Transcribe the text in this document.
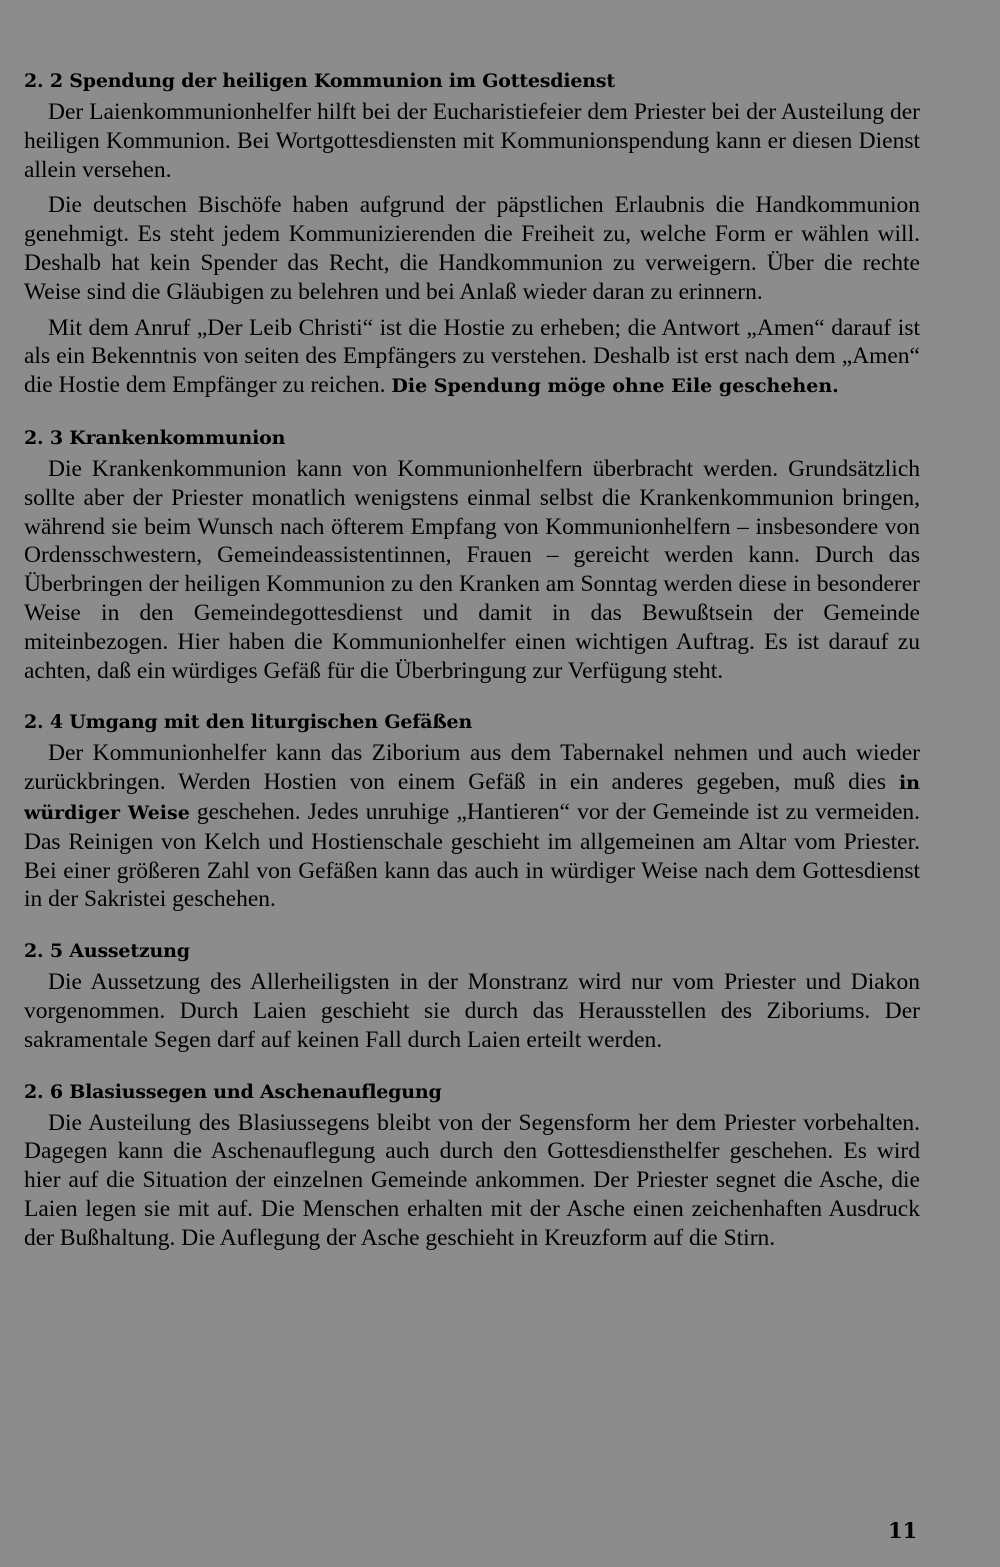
2. 2 Spendung der heiligen Kommunion im Gottesdienst

Der Laienkommunionhelfer hilft bei der Eucharistiefeier dem Priester bei der Austeilung der heiligen Kommunion. Bei Wortgottesdiensten mit Kommunionspendung kann er diesen Dienst allein versehen.

Die deutschen Bischöfe haben aufgrund der päpstlichen Erlaubnis die Handkommunion genehmigt. Es steht jedem Kommunizierenden die Freiheit zu, welche Form er wählen will. Deshalb hat kein Spender das Recht, die Handkommunion zu verweigern. Über die rechte Weise sind die Gläubigen zu belehren und bei Anlaß wieder daran zu erinnern.

Mit dem Anruf „Der Leib Christi“ ist die Hostie zu erheben; die Antwort „Amen“ darauf ist als ein Bekenntnis von seiten des Empfängers zu verstehen. Deshalb ist erst nach dem „Amen“ die Hostie dem Empfänger zu reichen. Die Spendung möge ohne Eile geschehen.

2. 3 Krankenkommunion

Die Krankenkommunion kann von Kommunionhelfern überbracht werden. Grundsätzlich sollte aber der Priester monatlich wenigstens einmal selbst die Krankenkommunion bringen, während sie beim Wunsch nach öfterem Empfang von Kommunionhelfern – insbesondere von Ordensschwestern, Gemeindeassistentinnen, Frauen – gereicht werden kann. Durch das Überbringen der heiligen Kommunion zu den Kranken am Sonntag werden diese in besonderer Weise in den Gemeindegottesdienst und damit in das Bewußtsein der Gemeinde miteinbezogen. Hier haben die Kommunionhelfer einen wichtigen Auftrag. Es ist darauf zu achten, daß ein würdiges Gefäß für die Überbringung zur Verfügung steht.

2. 4 Umgang mit den liturgischen Gefäßen

Der Kommunionhelfer kann das Ziborium aus dem Tabernakel nehmen und auch wieder zurückbringen. Werden Hostien von einem Gefäß in ein anderes gegeben, muß dies in würdiger Weise geschehen. Jedes unruhige „Hantieren“ vor der Gemeinde ist zu vermeiden. Das Reinigen von Kelch und Hostienschale geschieht im allgemeinen am Altar vom Priester. Bei einer größeren Zahl von Gefäßen kann das auch in würdiger Weise nach dem Gottesdienst in der Sakristei geschehen.

2. 5 Aussetzung

Die Aussetzung des Allerheiligsten in der Monstranz wird nur vom Priester und Diakon vorgenommen. Durch Laien geschieht sie durch das Herausstellen des Ziboriums. Der sakramentale Segen darf auf keinen Fall durch Laien erteilt werden.

2. 6 Blasiussegen und Aschenauflegung

Die Austeilung des Blasiussegens bleibt von der Segensform her dem Priester vorbehalten. Dagegen kann die Aschenauflegung auch durch den Gottesdiensthelfer geschehen. Es wird hier auf die Situation der einzelnen Gemeinde ankommen. Der Priester segnet die Asche, die Laien legen sie mit auf. Die Menschen erhalten mit der Asche einen zeichenhaften Ausdruck der Bußhaltung. Die Auflegung der Asche geschieht in Kreuzform auf die Stirn.

11
